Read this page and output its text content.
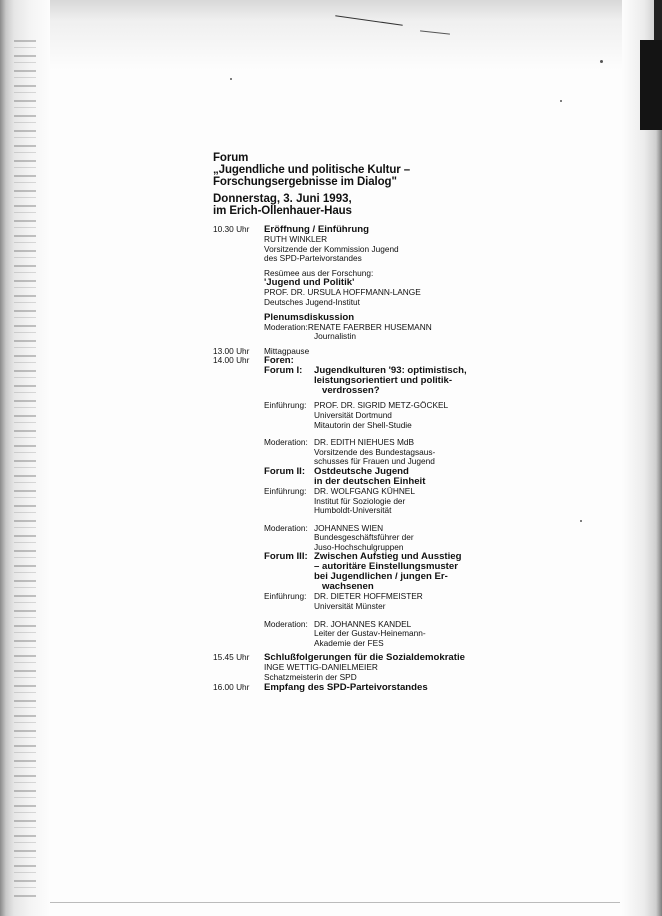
Forum
„Jugendliche und politische Kultur –
Forschungsergebnisse im Dialog"
Donnerstag, 3. Juni 1993,
im Erich-Ollenhauer-Haus
10.30 Uhr	Eröffnung / Einführung
RUTH WINKLER
Vorsitzende der Kommission Jugend
des SPD-Parteivorstandes
Resümee aus der Forschung:
'Jugend und Politik'
PROF. DR. URSULA HOFFMANN-LANGE
Deutsches Jugend-Institut
Plenumsdiskussion
Moderation: RENATE FAERBER HUSEMANN
Journalistin
13.00 Uhr	Mittagpause
14.00 Uhr	Foren:
Forum I:	Jugendkulturen '93: optimistisch,
leistungsorientiert und politik-
verdrossen?
Einführung: PROF. DR. SIGRID METZ-GÖCKEL
Universität Dortmund
Mitautorin der Shell-Studie
Moderation: DR. EDITH NIEHUES MdB
Vorsitzende des Bundestagsaus-
schusses für Frauen und Jugend
Forum II: Ostdeutsche Jugend
in der deutschen Einheit
Einführung: DR. WOLFGANG KÜHNEL
Institut für Soziologie der
Humboldt-Universität
Moderation: JOHANNES WIEN
Bundesgeschäftsführer der
Juso-Hochschulgruppen
Forum III: Zwischen Aufstieg und Ausstieg
– autoritäre Einstellungsmuster
bei Jugendlichen / jungen Er-
wachsenen
Einführung: DR. DIETER HOFFMEISTER
Universität Münster
Moderation: DR. JOHANNES KANDEL
Leiter der Gustav-Heinemann-
Akademie der FES
15.45 Uhr	Schlußfolgerungen für die Sozialdemokratie
INGE WETTIG-DANIELMEIER
Schatzmeisterin der SPD
16.00 Uhr	Empfang des SPD-Parteivorstandes
